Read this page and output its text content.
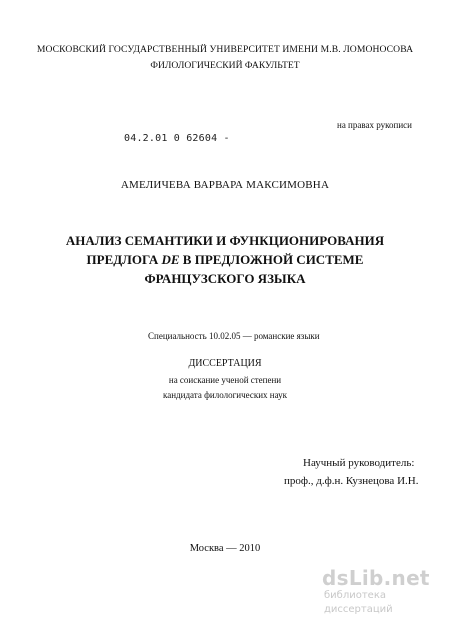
МОСКОВСКИЙ ГОСУДАРСТВЕННЫЙ УНИВЕРСИТЕТ ИМЕНИ М.В. ЛОМОНОСОВА
ФИЛОЛОГИЧЕСКИЙ ФАКУЛЬТЕТ
04.2.01 0 62604 -
на правах рукописи
АМЕЛИЧЕВА ВАРВАРА МАКСИМОВНА
АНАЛИЗ СЕМАНТИКИ И ФУНКЦИОНИРОВАНИЯ
ПРЕДЛОГА DE В ПРЕДЛОЖНОЙ СИСТЕМЕ
ФРАНЦУЗСКОГО ЯЗЫКА
Специальность 10.02.05 — романские языки
ДИССЕРТАЦИЯ
на соискание ученой степени
кандидата филологических наук
Научный руководитель:
проф., д.ф.н. Кузнецова И.Н.
Москва — 2010
dsLib.net
библиотека диссертаций
